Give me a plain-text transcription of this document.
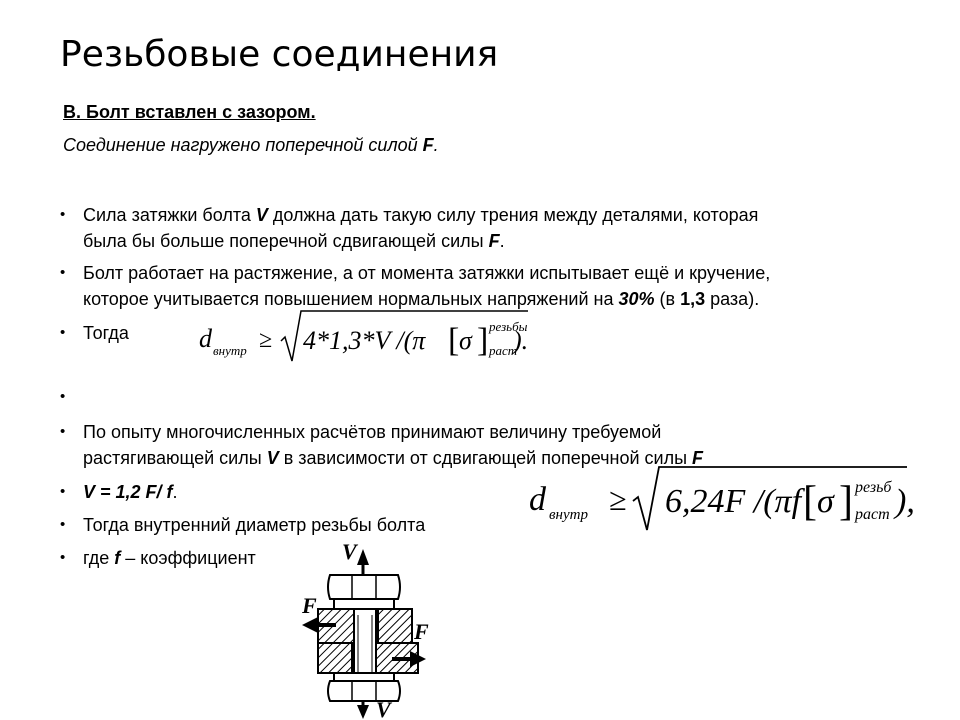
Резьбовые соединения
В. Болт вставлен с зазором.
Соединение нагружено поперечной силой F.
• Сила затяжки болта V должна дать такую силу трения между деталями, которая
была бы больше поперечной сдвигающей силы F.
• Болт работает на растяжение, а от момента затяжки испытывает ещё и кручение,
которое учитывается повышением нормальных напряжений на 30% (в 1,3 раза).
• Тогда
•
• По опыту многочисленных расчётов принимают величину требуемой
растягивающей силы V в зависимости от сдвигающей поперечной силы F
• V = 1,2 F/ f.
• Тогда внутренний диаметр резьбы болта
• где f – коэффициент
d внутр ≥ 4*1,3*V /(π [ σ ] резьбы
раст
).
d внутр ≥ 6,24F /(πf [ σ ] резьб
раст ),
V
F
F
V
